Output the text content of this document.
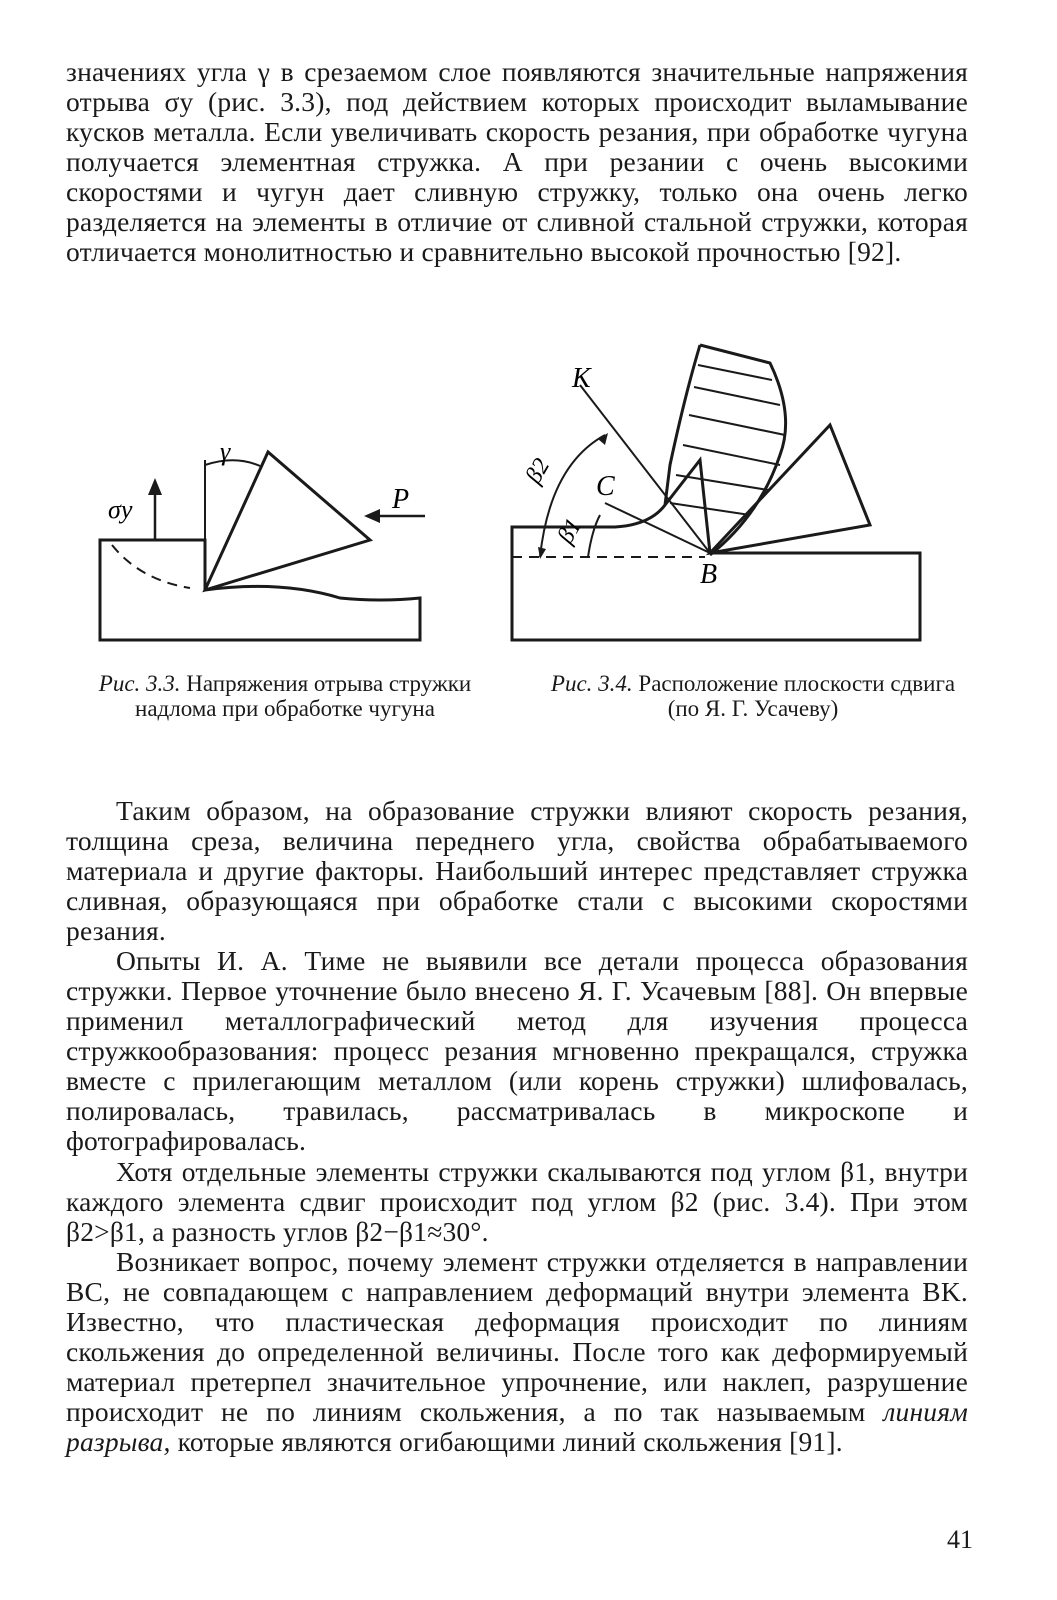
значениях угла γ в срезаемом слое появляются значительные напряжения отрыва σу (рис. 3.3), под действием которых происходит выламывание кусков металла. Если увеличивать скорость резания, при обработке чугуна получается элементная стружка. А при резании с очень высокими скоростями и чугун дает сливную стружку, только она очень легко разделяется на элементы в отличие от сливной стальной стружки, которая отличается монолитностью и сравнительно высокой прочностью [92].

γ
σу	P
K
C
B
β2
β1

Рис. 3.3. Напряжения отрыва стружки надлома при обработке чугуна

Рис. 3.4. Расположение плоскости сдвига (по Я. Г. Усачеву)

Таким образом, на образование стружки влияют скорость резания, толщина среза, величина переднего угла, свойства обрабатываемого материала и другие факторы. Наибольший интерес представляет стружка сливная, образующаяся при обработке стали с высокими скоростями резания.

Опыты И. А. Тиме не выявили все детали процесса образования стружки. Первое уточнение было внесено Я. Г. Усачевым [88]. Он впервые применил металлографический метод для изучения процесса стружкообразования: процесс резания мгновенно прекращался, стружка вместе с прилегающим металлом (или корень стружки) шлифовалась, полировалась, травилась, рассматривалась в микроскопе и фотографировалась.

Хотя отдельные элементы стружки скалываются под углом β1, внутри каждого элемента сдвиг происходит под углом β2 (рис. 3.4). При этом β2>β1, а разность углов β2−β1≈30°.

Возникает вопрос, почему элемент стружки отделяется в направлении BC, не совпадающем с направлением деформаций внутри элемента BK. Известно, что пластическая деформация происходит по линиям скольжения до определенной величины. После того как деформируемый материал претерпел значительное упрочнение, или наклеп, разрушение происходит не по линиям скольжения, а по так называемым линиям разрыва, которые являются огибающими линий скольжения [91].

41
